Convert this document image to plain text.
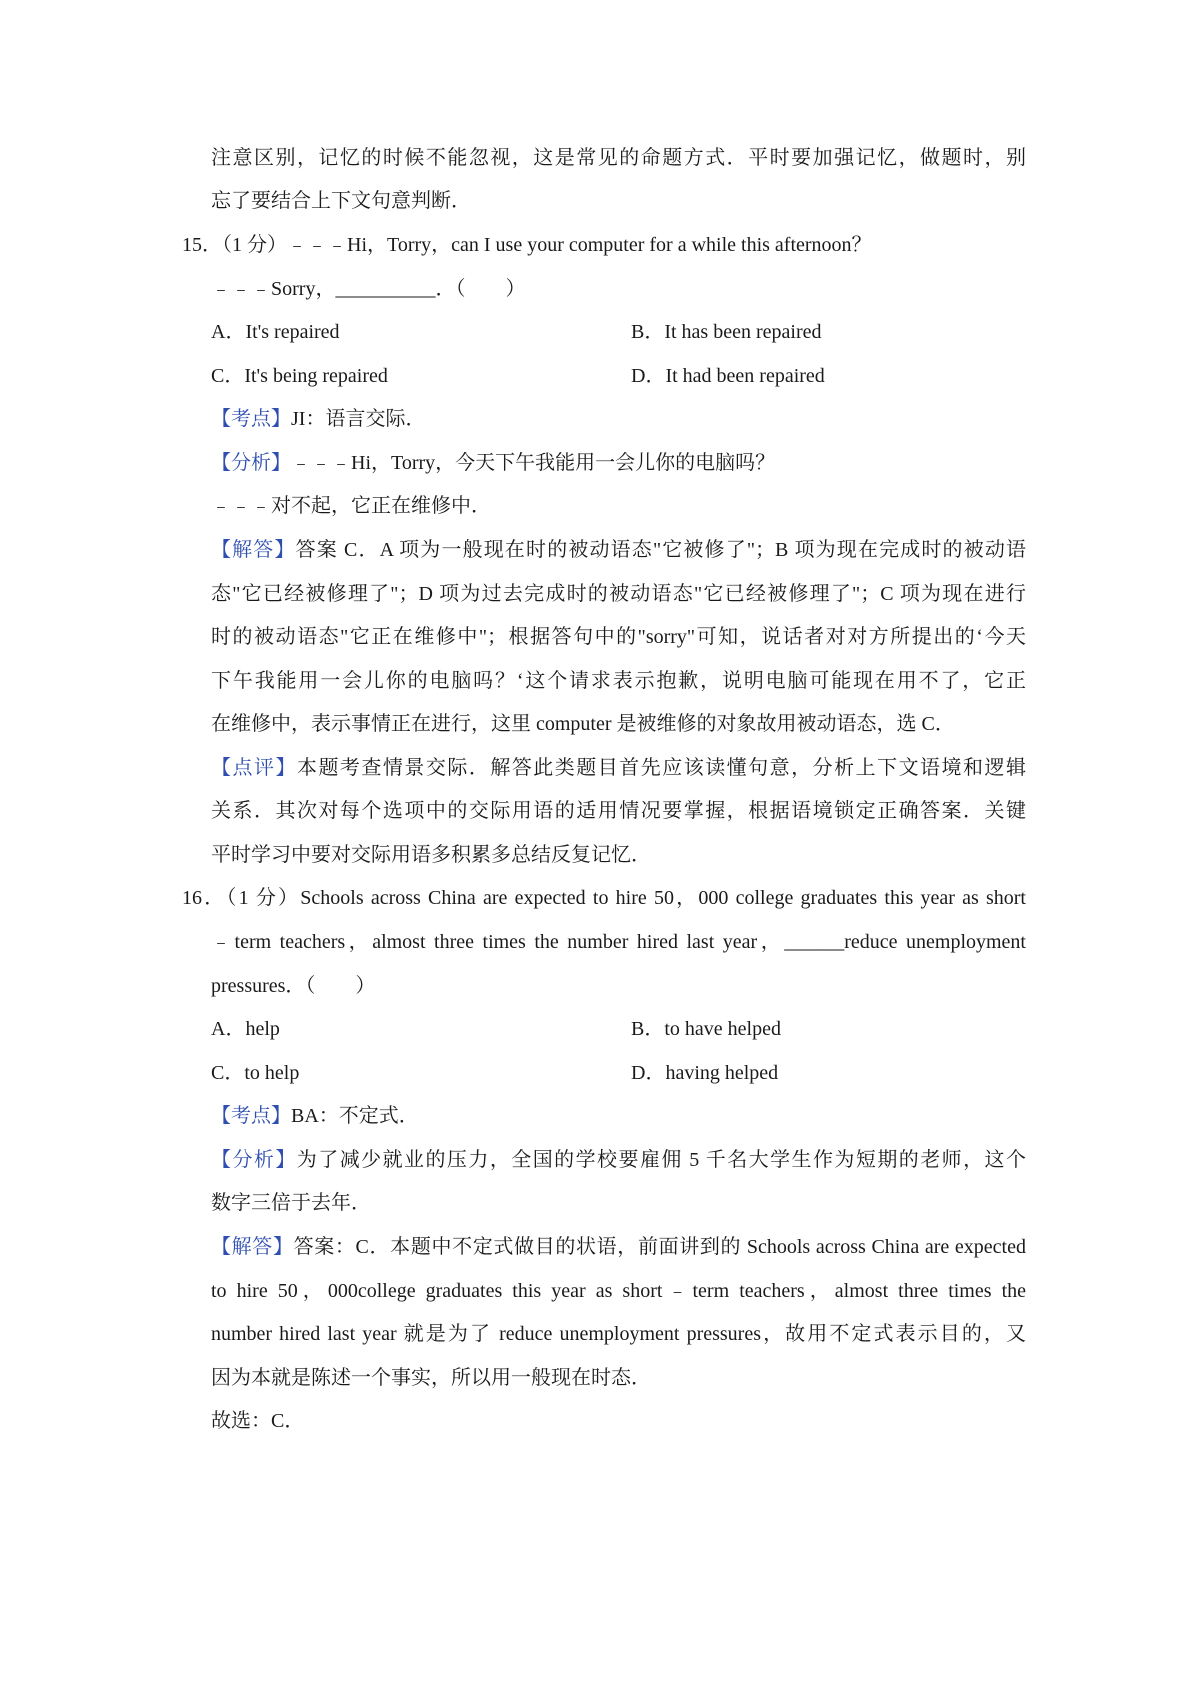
注意区别，记忆的时候不能忽视，这是常见的命题方式．平时要加强记忆，做题时，别
忘了要结合上下文句意判断．
15．（1 分）﹣﹣﹣Hi，Torry，can I use your computer for a while this afternoon？
﹣﹣﹣Sorry，__________．（　　）
A．It's repaired	B．It has been repaired
C．It's being repaired	D．It had been repaired
【考点】JI：语言交际．
【分析】﹣﹣﹣Hi，Torry，今天下午我能用一会儿你的电脑吗？
﹣﹣﹣对不起，它正在维修中．
【解答】答案 C．A 项为一般现在时的被动语态"它被修了"；B 项为现在完成时的被动语
态"它已经被修理了"；D 项为过去完成时的被动语态"它已经被修理了"；C 项为现在进行
时的被动语态"它正在维修中"；根据答句中的"sorry"可知，说话者对对方所提出的‘今天
下午我能用一会儿你的电脑吗？‘这个请求表示抱歉，说明电脑可能现在用不了，它正
在维修中，表示事情正在进行，这里 computer 是被维修的对象故用被动语态，选 C．
【点评】本题考查情景交际．解答此类题目首先应该读懂句意，分析上下文语境和逻辑
关系．其次对每个选项中的交际用语的适用情况要掌握，根据语境锁定正确答案．关键
平时学习中要对交际用语多积累多总结反复记忆．
16．（1 分）Schools across China are expected to hire 50，000 college graduates this year as short
﹣term teachers，almost three times the number hired last year，______reduce unemployment
pressures．（　　）
A．help	B．to have helped
C．to help	D．having helped
【考点】BA：不定式．
【分析】为了减少就业的压力，全国的学校要雇佣 5 千名大学生作为短期的老师，这个
数字三倍于去年．
【解答】答案：C．本题中不定式做目的状语，前面讲到的 Schools across China are expected
to hire 50，000college graduates this year as short﹣term teachers，almost three times the
number hired last year 就是为了 reduce unemployment pressures，故用不定式表示目的，又
因为本就是陈述一个事实，所以用一般现在时态．
故选：C．
